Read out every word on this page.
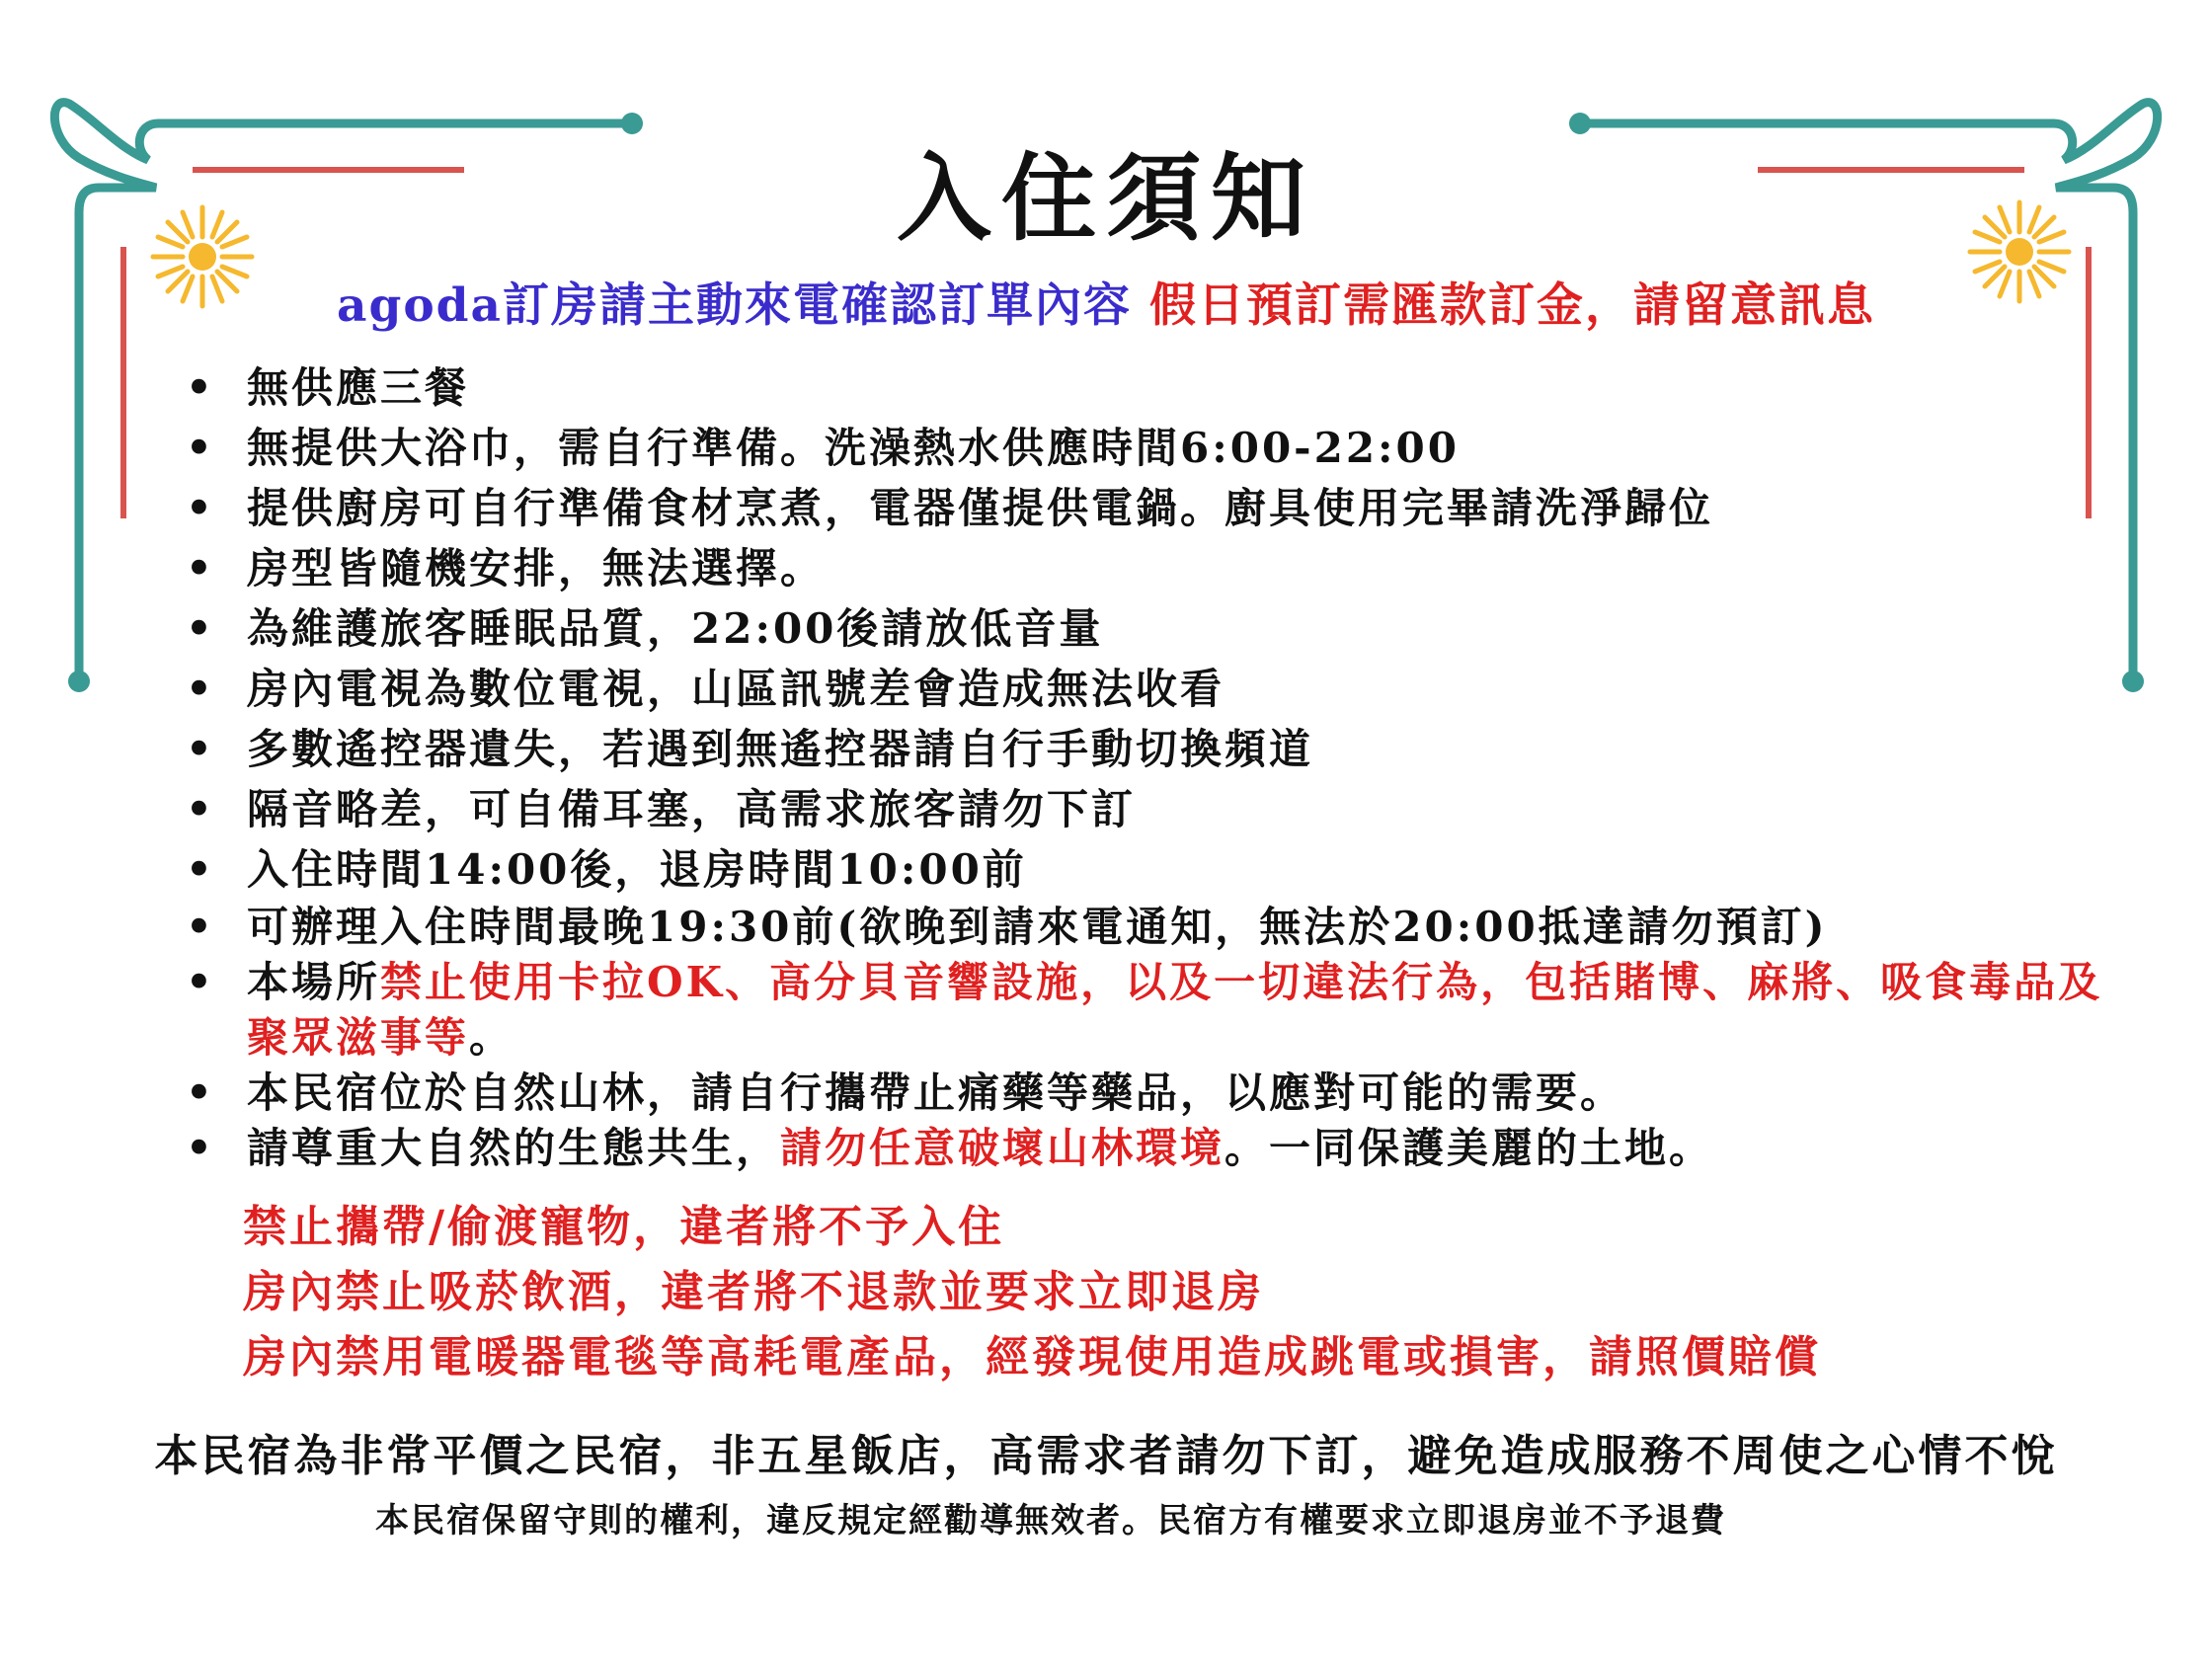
入住須知
agoda訂房請主動來電確認訂單內容 假日預訂需匯款訂金，請留意訊息
• 無供應三餐
• 無提供大浴巾，需自行準備。洗澡熱水供應時間6:00-22:00
• 提供廚房可自行準備食材烹煮，電器僅提供電鍋。廚具使用完畢請洗淨歸位
• 房型皆隨機安排，無法選擇。
• 為維護旅客睡眠品質，22:00後請放低音量
• 房內電視為數位電視，山區訊號差會造成無法收看
• 多數遙控器遺失，若遇到無遙控器請自行手動切換頻道
• 隔音略差，可自備耳塞，高需求旅客請勿下訂
• 入住時間14:00後，退房時間10:00前
• 可辦理入住時間最晚19:30前(欲晚到請來電通知，無法於20:00抵達請勿預訂)
• 本場所禁止使用卡拉OK、高分貝音響設施，以及一切違法行為，包括賭博、麻將、吸食毒品及聚眾滋事等。
• 本民宿位於自然山林，請自行攜帶止痛藥等藥品，以應對可能的需要。
• 請尊重大自然的生態共生，請勿任意破壞山林環境。一同保護美麗的土地。
禁止攜帶/偷渡寵物，違者將不予入住
房內禁止吸菸飲酒，違者將不退款並要求立即退房
房內禁用電暖器電毯等高耗電產品，經發現使用造成跳電或損害，請照價賠償
本民宿為非常平價之民宿，非五星飯店，高需求者請勿下訂，避免造成服務不周使之心情不悅
本民宿保留守則的權利，違反規定經勸導無效者。民宿方有權要求立即退房並不予退費
